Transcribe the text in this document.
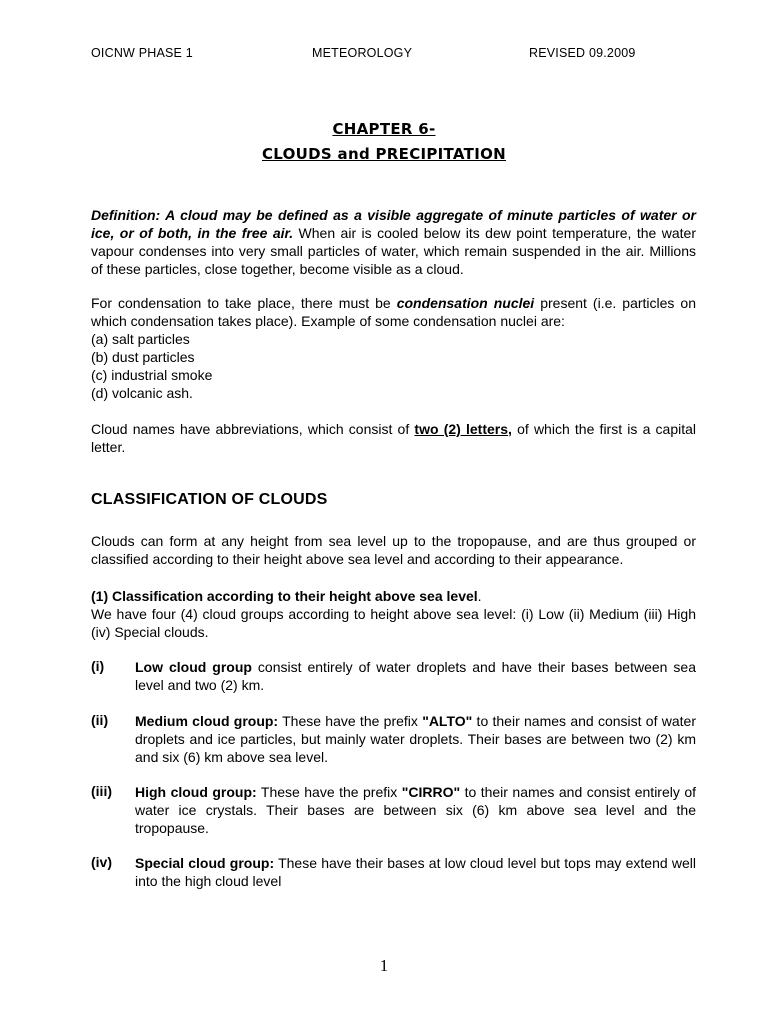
OICNW PHASE 1	METEOROLOGY	REVISED 09.2009
CHAPTER 6-
CLOUDS and PRECIPITATION

Definition: A cloud may be defined as a visible aggregate of minute particles of water or ice, or of both, in the free air. When air is cooled below its dew point temperature, the water vapour condenses into very small particles of water, which remain suspended in the air. Millions of these particles, close together, become visible as a cloud.

For condensation to take place, there must be condensation nuclei present (i.e. particles on which condensation takes place). Example of some condensation nuclei are:

(a) salt particles
(b) dust particles
(c) industrial smoke
(d) volcanic ash.

Cloud names have abbreviations, which consist of two (2) letters, of which the first is a capital letter.

CLASSIFICATION OF CLOUDS
Clouds can form at any height from sea level up to the tropopause, and are thus grouped or classified according to their height above sea level and according to their appearance.

(1) Classification according to their height above sea level.

We have four (4) cloud groups according to height above sea level: (i) Low (ii) Medium (iii) High (iv) Special clouds.

(i) Low cloud group consist entirely of water droplets and have their bases between sea level and two (2) km.
(ii) Medium cloud group: These have the prefix "ALTO" to their names and consist of water droplets and ice particles, but mainly water droplets. Their bases are between two (2) km and six (6) km above sea level.
(iii) High cloud group: These have the prefix "CIRRO" to their names and consist entirely of water ice crystals. Their bases are between six (6) km above sea level and the tropopause.
(iv) Special cloud group: These have their bases at low cloud level but tops may extend well into the high cloud level
1
